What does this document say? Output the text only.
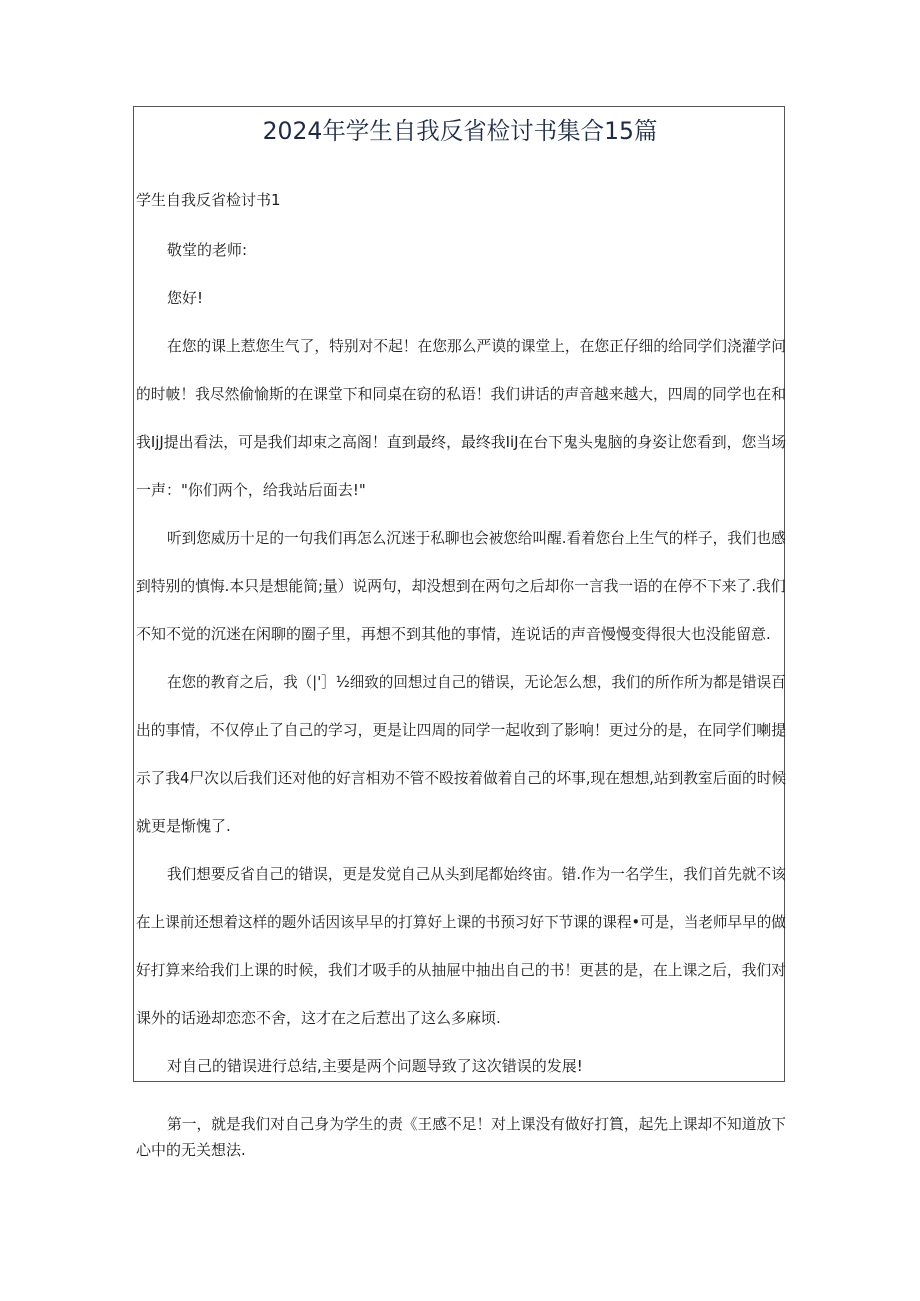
2024年学生自我反省检讨书集合15篇
学生自我反省检讨书1

敬堂的老师:

您好!

在您的课上惹您生气了，特别对不起！在您那么严谟的课堂上，在您正仔细的给同学们浇灌学问

的时帔！我尽然偷愉斯的在课堂下和同桌在窃的私语！我们讲话的声音越来越大，四周的同学也在和

我IjJ提出看法，可是我们却束之高阁！直到最终，最终我IiJ在台下鬼头鬼脑的身姿让您看到，您当场

一声："你们两个，给我站后面去!"

听到您威历十足的一句我们再怎么沉迷于私聊也会被您给叫醒.看着您台上生气的样子，我们也感

到特别的慎悔.本只是想能简;量）说两句，却没想到在两句之后却你一言我一语的在停不下来了.我们

不知不觉的沉迷在闲聊的圈子里，再想不到其他的事情，连说话的声音慢慢变得很大也没能留意.

在您的教育之后，我（|'］½细致的回想过自己的错误，无论怎么想，我们的所作所为都是错误百

出的事情，不仅停止了自己的学习，更是让四周的同学一起收到了影响！更过分的是，在同学们喇提

示了我4尸次以后我们还对他的好言相劝不管不殴按着做着自己的坏事,现在想想,站到教室后面的时候

就更是惭愧了.

我们想要反省自己的错误，更是发觉自己从头到尾都始终宙。错.作为一名学生，我们首先就不该

在上课前还想着这样的题外话因该早早的打算好上课的书预习好下节课的课程•可是，当老师早早的做

好打算来给我们上课的时候，我们才吸手的从抽屉中抽出自己的书！更甚的是，在上课之后，我们对

课外的话逊却恋恋不舍，这才在之后惹出了这么多麻顷.

对自己的错误进行总结,主要是两个问题导致了这次错误的发展!

第一，就是我们对自己身为学生的责《王感不足！对上课没有做好打篔，起先上课却不知道放下

心中的无关想法.
